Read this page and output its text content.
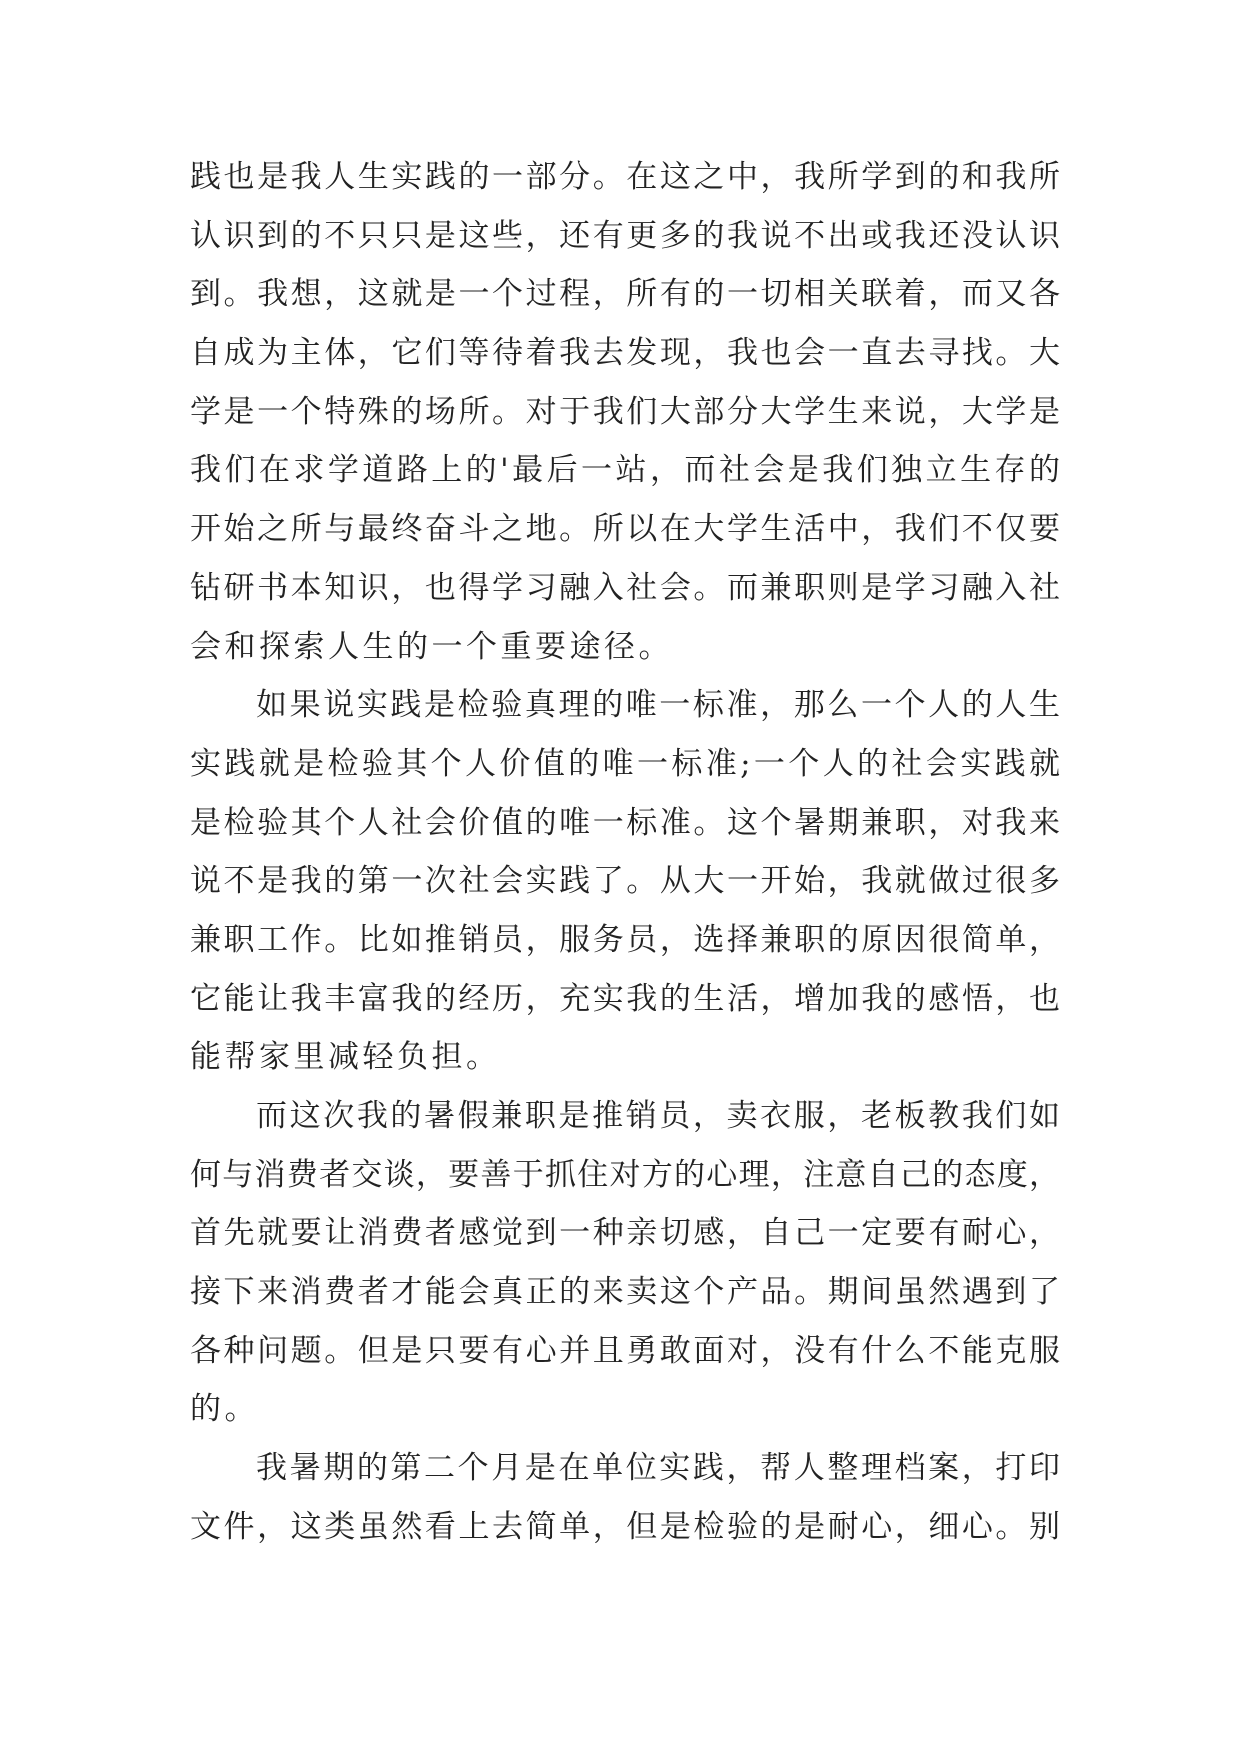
践也是我人生实践的一部分。在这之中，我所学到的和我所
认识到的不只只是这些，还有更多的我说不出或我还没认识
到。我想，这就是一个过程，所有的一切相关联着，而又各
自成为主体，它们等待着我去发现，我也会一直去寻找。大
学是一个特殊的场所。对于我们大部分大学生来说，大学是
我们在求学道路上的'最后一站，而社会是我们独立生存的
开始之所与最终奋斗之地。所以在大学生活中，我们不仅要
钻研书本知识，也得学习融入社会。而兼职则是学习融入社
会和探索人生的一个重要途径。
如果说实践是检验真理的唯一标准，那么一个人的人生
实践就是检验其个人价值的唯一标准;一个人的社会实践就
是检验其个人社会价值的唯一标准。这个暑期兼职，对我来
说不是我的第一次社会实践了。从大一开始，我就做过很多
兼职工作。比如推销员，服务员，选择兼职的原因很简单，
它能让我丰富我的经历，充实我的生活，增加我的感悟，也
能帮家里减轻负担。
而这次我的暑假兼职是推销员，卖衣服，老板教我们如
何与消费者交谈，要善于抓住对方的心理，注意自己的态度，
首先就要让消费者感觉到一种亲切感，自己一定要有耐心，
接下来消费者才能会真正的来卖这个产品。期间虽然遇到了
各种问题。但是只要有心并且勇敢面对，没有什么不能克服
的。
我暑期的第二个月是在单位实践，帮人整理档案，打印
文件，这类虽然看上去简单，但是检验的是耐心，细心。别
